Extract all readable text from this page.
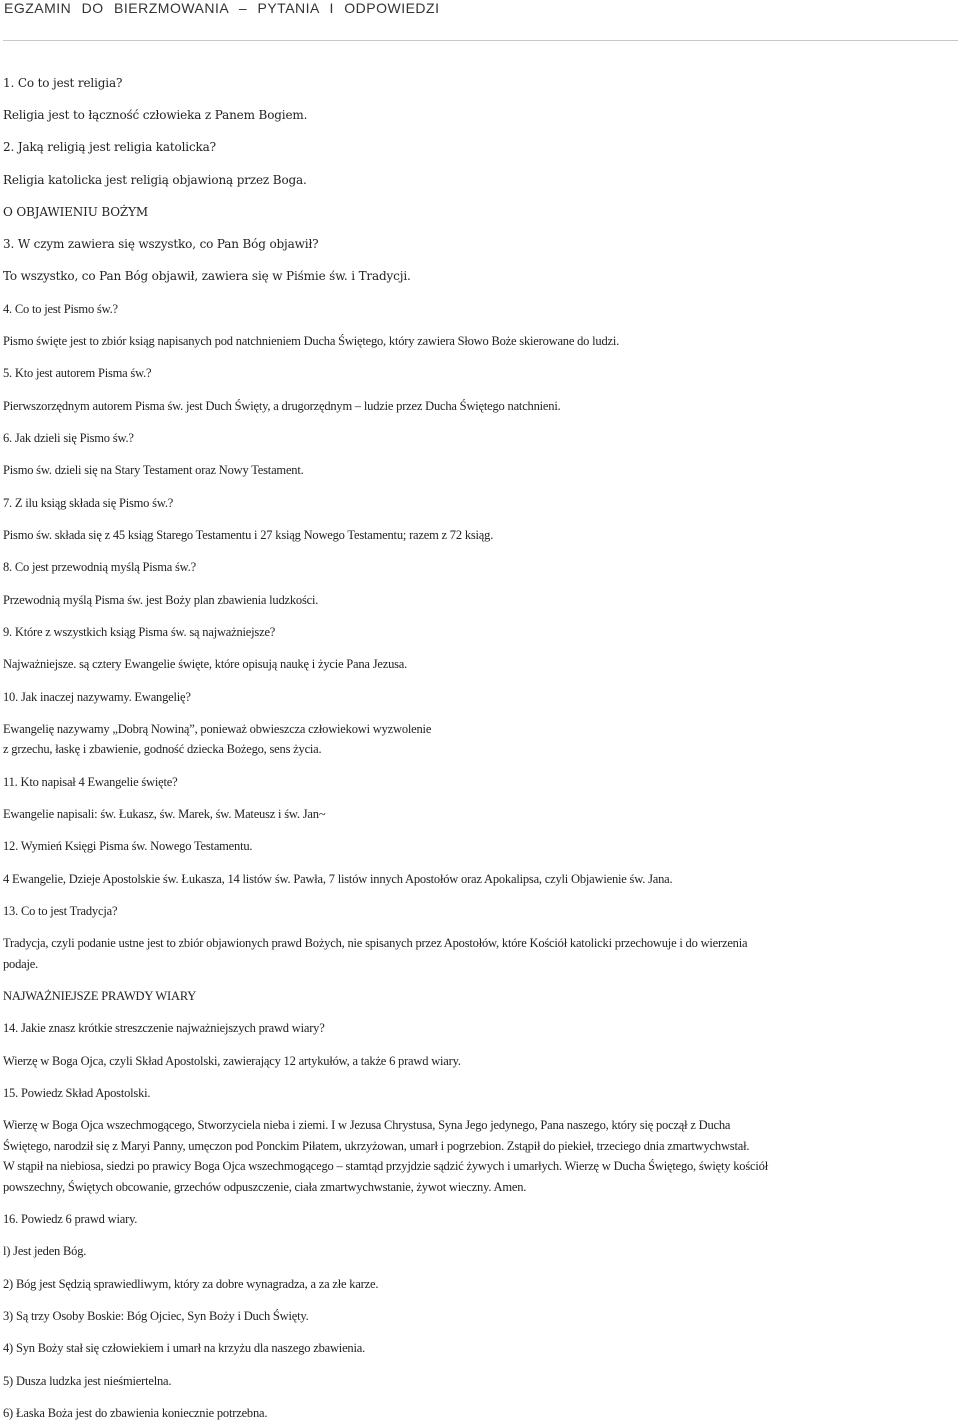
EGZAMIN DO BIERZMOWANIA – PYTANIA I ODPOWIEDZI
1. Co to jest religia?
Religia jest to łączność człowieka z Panem Bogiem.
2. Jaką religią jest religia katolicka?
Religia katolicka jest religią objawioną przez Boga.
O OBJAWIENIU BOŻYM
3. W czym zawiera się wszystko, co Pan Bóg objawił?
To wszystko, co Pan Bóg objawił, zawiera się w Piśmie św. i Tradycji.
4. Co to jest Pismo św.?
Pismo święte jest to zbiór ksiąg napisanych pod natchnieniem Ducha Świętego, który zawiera Słowo Boże skierowane do ludzi.
5. Kto jest autorem Pisma św.?
Pierwszorzędnym autorem Pisma św. jest Duch Święty, a drugorzędnym – ludzie przez Ducha Świętego natchnieni.
6. Jak dzieli się Pismo św.?
Pismo św. dzieli się na Stary Testament oraz Nowy Testament.
7. Z ilu ksiąg składa się Pismo św.?
Pismo św. składa się z 45 ksiąg Starego Testamentu i 27 ksiąg Nowego Testamentu; razem z 72 ksiąg.
8. Co jest przewodnią myślą Pisma św.?
Przewodnią myślą Pisma św. jest Boży plan zbawienia ludzkości.
9. Które z wszystkich ksiąg Pisma św. są najważniejsze?
Najważniejsze. są cztery Ewangelie święte, które opisują naukę i życie Pana Jezusa.
10. Jak inaczej nazywamy. Ewangelię?
Ewangelię nazywamy „Dobrą Nowiną”, ponieważ obwieszcza człowiekowi wyzwolenie
z grzechu, łaskę i zbawienie, godność dziecka Bożego, sens życia.
11. Kto napisał 4 Ewangelie święte?
Ewangelie napisali: św. Łukasz, św. Marek, św. Mateusz i św. Jan~
12. Wymień Księgi Pisma św. Nowego Testamentu.
4 Ewangelie, Dzieje Apostolskie św. Łukasza, 14 listów św. Pawła, 7 listów innych Apostołów oraz Apokalipsa, czyli Objawienie św. Jana.
13. Co to jest Tradycja?
Tradycja, czyli podanie ustne jest to zbiór objawionych prawd Bożych, nie spisanych przez Apostołów, które Kościół katolicki przechowuje i do wierzenia
podaje.
NAJWAŻNIEJSZE PRAWDY WIARY
14. Jakie znasz krótkie streszczenie najważniejszych prawd wiary?
Wierzę w Boga Ojca, czyli Skład Apostolski, zawierający 12 artykułów, a także 6 prawd wiary.
15. Powiedz Skład Apostolski.
Wierzę w Boga Ojca wszechmogącego, Stworzyciela nieba i ziemi. I w Jezusa Chrystusa, Syna Jego jedynego, Pana naszego, który się począł z Ducha
Świętego, narodził się z Maryi Panny, umęczon pod Ponckim Piłatem, ukrzyżowan, umarł i pogrzebion. Zstąpił do piekieł, trzeciego dnia zmartwychwstał.
W stąpił na niebiosa, siedzi po prawicy Boga Ojca wszechmogącego – stamtąd przyjdzie sądzić żywych i umarłych. Wierzę w Ducha Świętego, święty kościół
powszechny, Świętych obcowanie, grzechów odpuszczenie, ciała zmartwychwstanie, żywot wieczny. Amen.
16. Powiedz 6 prawd wiary.
l) Jest jeden Bóg.
2) Bóg jest Sędzią sprawiedliwym, który za dobre wynagradza, a za złe karze.
3) Są trzy Osoby Boskie: Bóg Ojciec, Syn Boży i Duch Święty.
4) Syn Boży stał się człowiekiem i umarł na krzyżu dla naszego zbawienia.
5) Dusza ludzka jest nieśmiertelna.
6) Łaska Boża jest do zbawienia koniecznie potrzebna.
